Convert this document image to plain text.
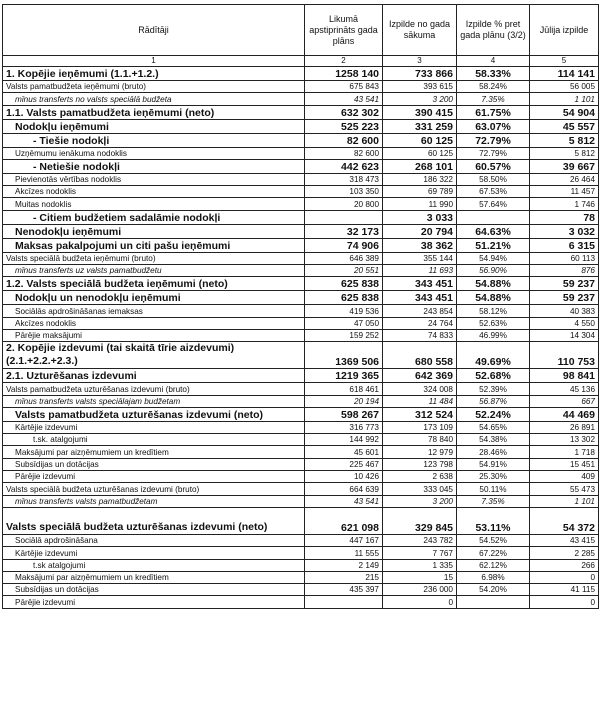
Rādītāji	Likumā apstiprināts gada plāns	Izpilde no gada sākuma	Izpilde % pret gada plānu (3/2)	Jūlija izpilde
1	2	3	4	5
1. Kopējie ieņēmumi (1.1.+1.2.)	1258 140	733 866	58.33%	114 141
Valsts pamatbudžeta ieņēmumi (bruto)	675 843	393 615	58.24%	56 005
mīnus transferts no valsts speciālā budžeta	43 541	3 200	7.35%	1 101
1.1. Valsts pamatbudžeta ieņēmumi (neto)	632 302	390 415	61.75%	54 904
Nodokļu ieņēmumi	525 223	331 259	63.07%	45 557
- Tiešie nodokļi	82 600	60 125	72.79%	5 812
Uzņēmumu ienākuma nodoklis	82 600	60 125	72.79%	5 812
- Netiešie nodokļi	442 623	268 101	60.57%	39 667
Pievienotās vērtības nodoklis	318 473	186 322	58.50%	26 464
Akcīzes nodoklis	103 350	69 789	67.53%	11 457
Muitas nodoklis	20 800	11 990	57.64%	1 746
- Citiem budžetiem sadalāmie nodokļi		3 033		78
Nenodokļu ieņēmumi	32 173	20 794	64.63%	3 032
Maksas pakalpojumi un citi pašu ieņēmumi	74 906	38 362	51.21%	6 315
Valsts speciālā budžeta ieņēmumi (bruto)	646 389	355 144	54.94%	60 113
mīnus transferts uz valsts pamatbudžetu	20 551	11 693	56.90%	876
1.2. Valsts speciālā budžeta ieņēmumi (neto)	625 838	343 451	54.88%	59 237
Nodokļu un nenodokļu ieņēmumi	625 838	343 451	54.88%	59 237
Sociālās apdrošināšanas iemaksas	419 536	243 854	58.12%	40 383
Akcīzes nodoklis	47 050	24 764	52.63%	4 550
Pārējie maksājumi	159 252	74 833	46.99%	14 304
2. Kopējie izdevumi (tai skaitā tīrie aizdevumi) (2.1.+2.2.+2.3.)	1369 506	680 558	49.69%	110 753
2.1. Uzturēšanas izdevumi	1219 365	642 369	52.68%	98 841
Valsts pamatbudžeta uzturēšanas izdevumi (bruto)	618 461	324 008	52.39%	45 136
mīnus transferts valsts speciālajam budžetam	20 194	11 484	56.87%	667
Valsts pamatbudžeta uzturēšanas izdevumi (neto)	598 267	312 524	52.24%	44 469
Kārtējie izdevumi	316 773	173 109	54.65%	26 891
t.sk. atalgojumi	144 992	78 840	54.38%	13 302
Maksājumi par aizņēmumiem un kredītiem	45 601	12 979	28.46%	1 718
Subsīdijas un dotācijas	225 467	123 798	54.91%	15 451
Pārējie izdevumi	10 426	2 638	25.30%	409
Valsts speciālā budžeta uzturēšanas izdevumi (bruto)	664 639	333 045	50.11%	55 473
mīnus transferts valsts pamatbudžetam	43 541	3 200	7.35%	1 101
Valsts speciālā budžeta uzturēšanas izdevumi (neto)	621 098	329 845	53.11%	54 372
Sociālā apdrošināšana	447 167	243 782	54.52%	43 415
Kārtējie izdevumi	11 555	7 767	67.22%	2 285
t.sk atalgojumi	2 149	1 335	62.12%	266
Maksājumi par aizņēmumiem un kredītiem	215	15	6.98%	0
Subsīdijas un dotācijas	435 397	236 000	54.20%	41 115
Pārējie izdevumi		0		0
